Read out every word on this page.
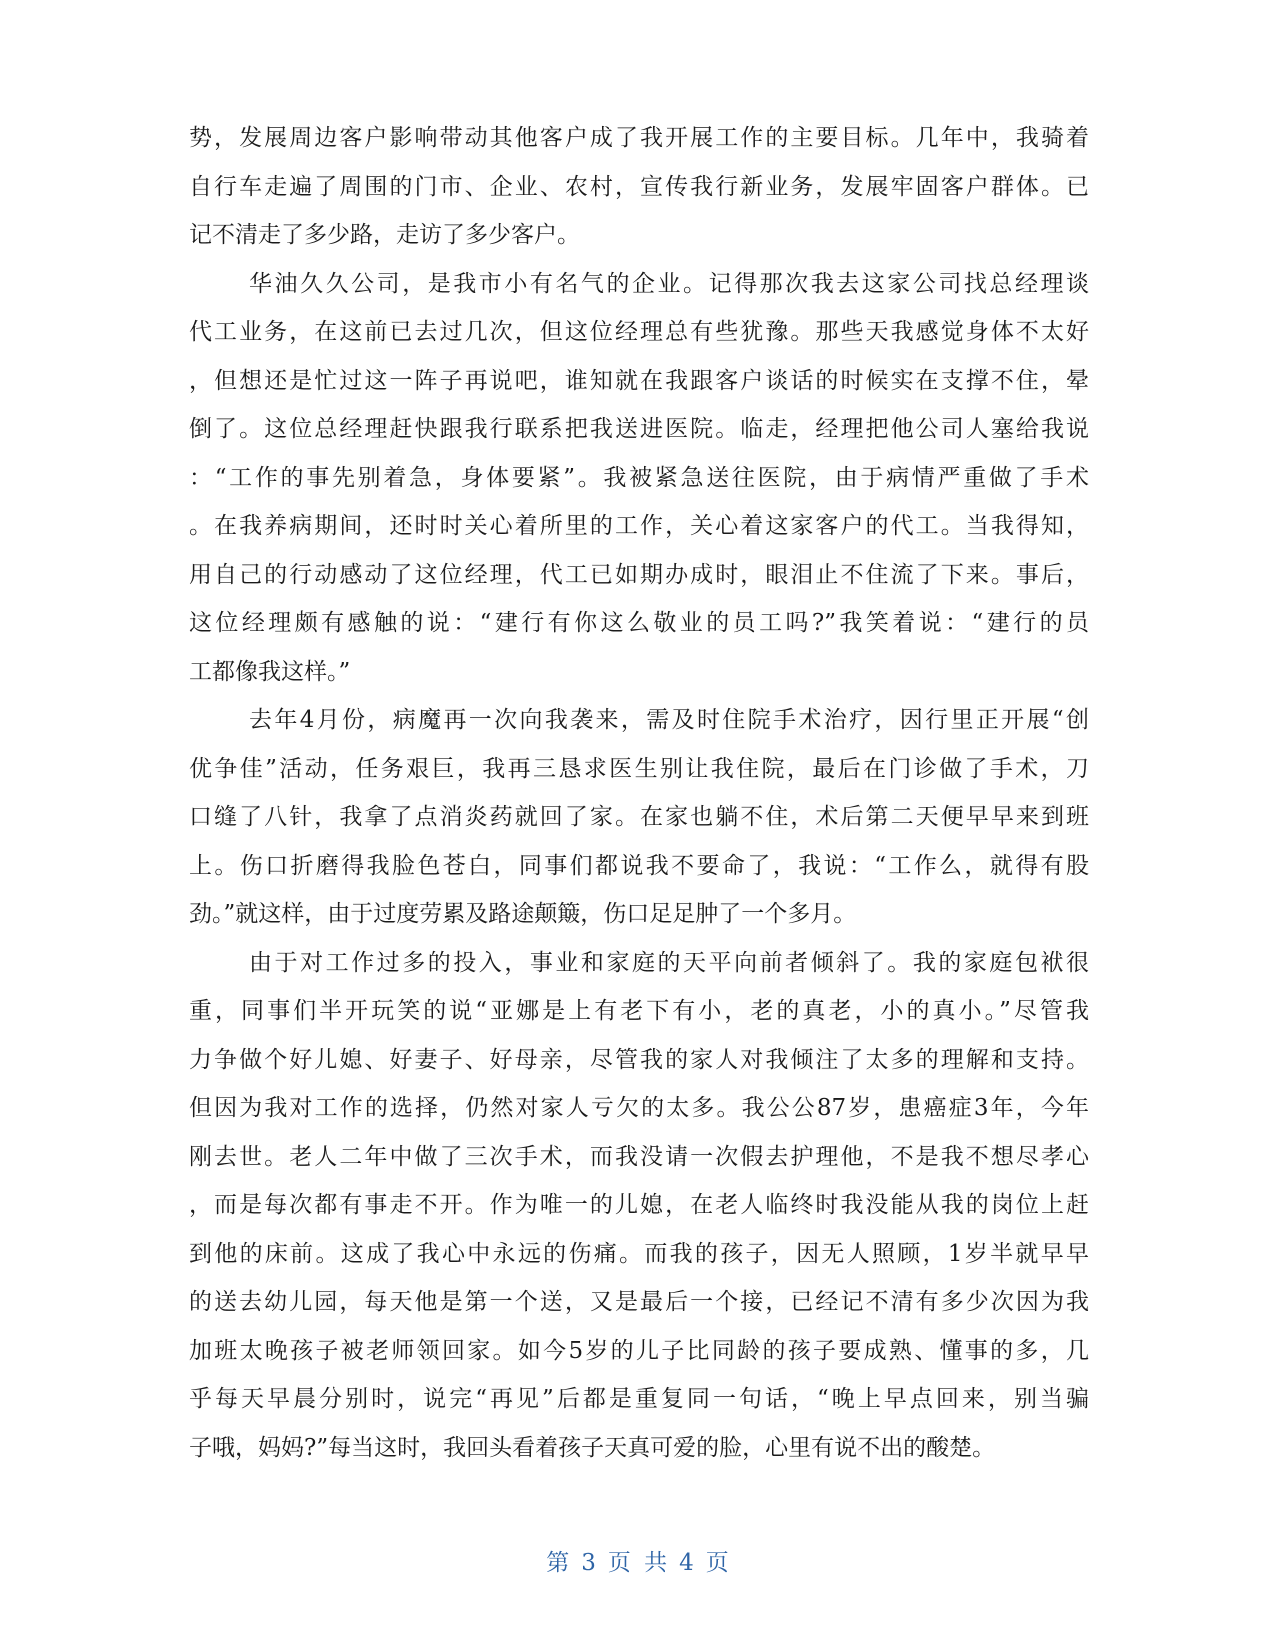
势，发展周边客户影响带动其他客户成了我开展工作的主要目标。几年中，我骑着
自行车走遍了周围的门市、企业、农村，宣传我行新业务，发展牢固客户群体。已
记不清走了多少路，走访了多少客户。
华油久久公司，是我市小有名气的企业。记得那次我去这家公司找总经理谈
代工业务，在这前已去过几次，但这位经理总有些犹豫。那些天我感觉身体不太好
，但想还是忙过这一阵子再说吧，谁知就在我跟客户谈话的时候实在支撑不住，晕
倒了。这位总经理赶快跟我行联系把我送进医院。临走，经理把他公司人塞给我说
：“工作的事先别着急，身体要紧”。我被紧急送往医院，由于病情严重做了手术
。在我养病期间，还时时关心着所里的工作，关心着这家客户的代工。当我得知，
用自己的行动感动了这位经理，代工已如期办成时，眼泪止不住流了下来。事后，
这位经理颇有感触的说：“建行有你这么敬业的员工吗?”我笑着说：“建行的员
工都像我这样。”
去年4月份，病魔再一次向我袭来，需及时住院手术治疗，因行里正开展“创
优争佳”活动，任务艰巨，我再三恳求医生别让我住院，最后在门诊做了手术，刀
口缝了八针，我拿了点消炎药就回了家。在家也躺不住，术后第二天便早早来到班
上。伤口折磨得我脸色苍白，同事们都说我不要命了，我说：“工作么，就得有股
劲。”就这样，由于过度劳累及路途颠簸，伤口足足肿了一个多月。
由于对工作过多的投入，事业和家庭的天平向前者倾斜了。我的家庭包袱很
重，同事们半开玩笑的说“亚娜是上有老下有小，老的真老，小的真小。”尽管我
力争做个好儿媳、好妻子、好母亲，尽管我的家人对我倾注了太多的理解和支持。
但因为我对工作的选择，仍然对家人亏欠的太多。我公公87岁，患癌症3年，今年
刚去世。老人二年中做了三次手术，而我没请一次假去护理他，不是我不想尽孝心
，而是每次都有事走不开。作为唯一的儿媳，在老人临终时我没能从我的岗位上赶
到他的床前。这成了我心中永远的伤痛。而我的孩子，因无人照顾，1岁半就早早
的送去幼儿园，每天他是第一个送，又是最后一个接，已经记不清有多少次因为我
加班太晚孩子被老师领回家。如今5岁的儿子比同龄的孩子要成熟、懂事的多，几
乎每天早晨分别时，说完“再见”后都是重复同一句话，“晚上早点回来，别当骗
子哦，妈妈?”每当这时，我回头看着孩子天真可爱的脸，心里有说不出的酸楚。
第 3 页 共 4 页
